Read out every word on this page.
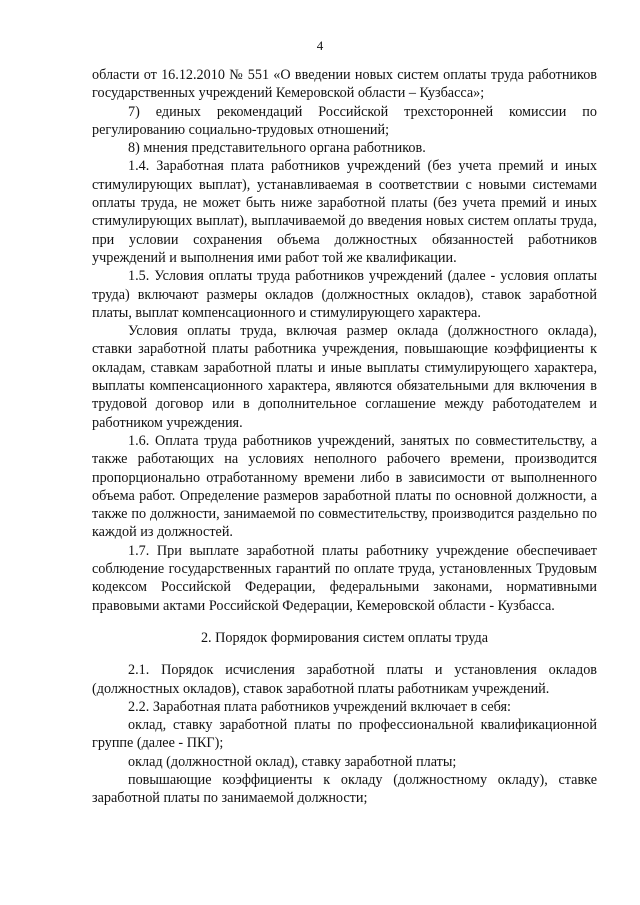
4

области от 16.12.2010 № 551 «О введении новых систем оплаты труда работников государственных учреждений Кемеровской области – Кузбасса»;

7) единых рекомендаций Российской трехсторонней комиссии по регулированию социально-трудовых отношений;

8) мнения представительного органа работников.

1.4. Заработная плата работников учреждений (без учета премий и иных стимулирующих выплат), устанавливаемая в соответствии с новыми системами оплаты труда, не может быть ниже заработной платы (без учета премий и иных стимулирующих выплат), выплачиваемой до введения новых систем оплаты труда, при условии сохранения объема должностных обязанностей работников учреждений и выполнения ими работ той же квалификации.

1.5. Условия оплаты труда работников учреждений (далее - условия оплаты труда) включают размеры окладов (должностных окладов), ставок заработной платы, выплат компенсационного и стимулирующего характера.

Условия оплаты труда, включая размер оклада (должностного оклада), ставки заработной платы работника учреждения, повышающие коэффициенты к окладам, ставкам заработной платы и иные выплаты стимулирующего характера, выплаты компенсационного характера, являются обязательными для включения в трудовой договор или в дополнительное соглашение между работодателем и работником учреждения.

1.6. Оплата труда работников учреждений, занятых по совместительству, а также работающих на условиях неполного рабочего времени, производится пропорционально отработанному времени либо в зависимости от выполненного объема работ. Определение размеров заработной платы по основной должности, а также по должности, занимаемой по совместительству, производится раздельно по каждой из должностей.

1.7. При выплате заработной платы работнику учреждение обеспечивает соблюдение государственных гарантий по оплате труда, установленных Трудовым кодексом Российской Федерации, федеральными законами, нормативными правовыми актами Российской Федерации, Кемеровской области - Кузбасса.

2. Порядок формирования систем оплаты труда

2.1. Порядок исчисления заработной платы и установления окладов (должностных окладов), ставок заработной платы работникам учреждений.

2.2. Заработная плата работников учреждений включает в себя:

оклад, ставку заработной платы по профессиональной квалификационной группе (далее - ПКГ);

оклад (должностной оклад), ставку заработной платы;

повышающие коэффициенты к окладу (должностному окладу), ставке заработной платы по занимаемой должности;
